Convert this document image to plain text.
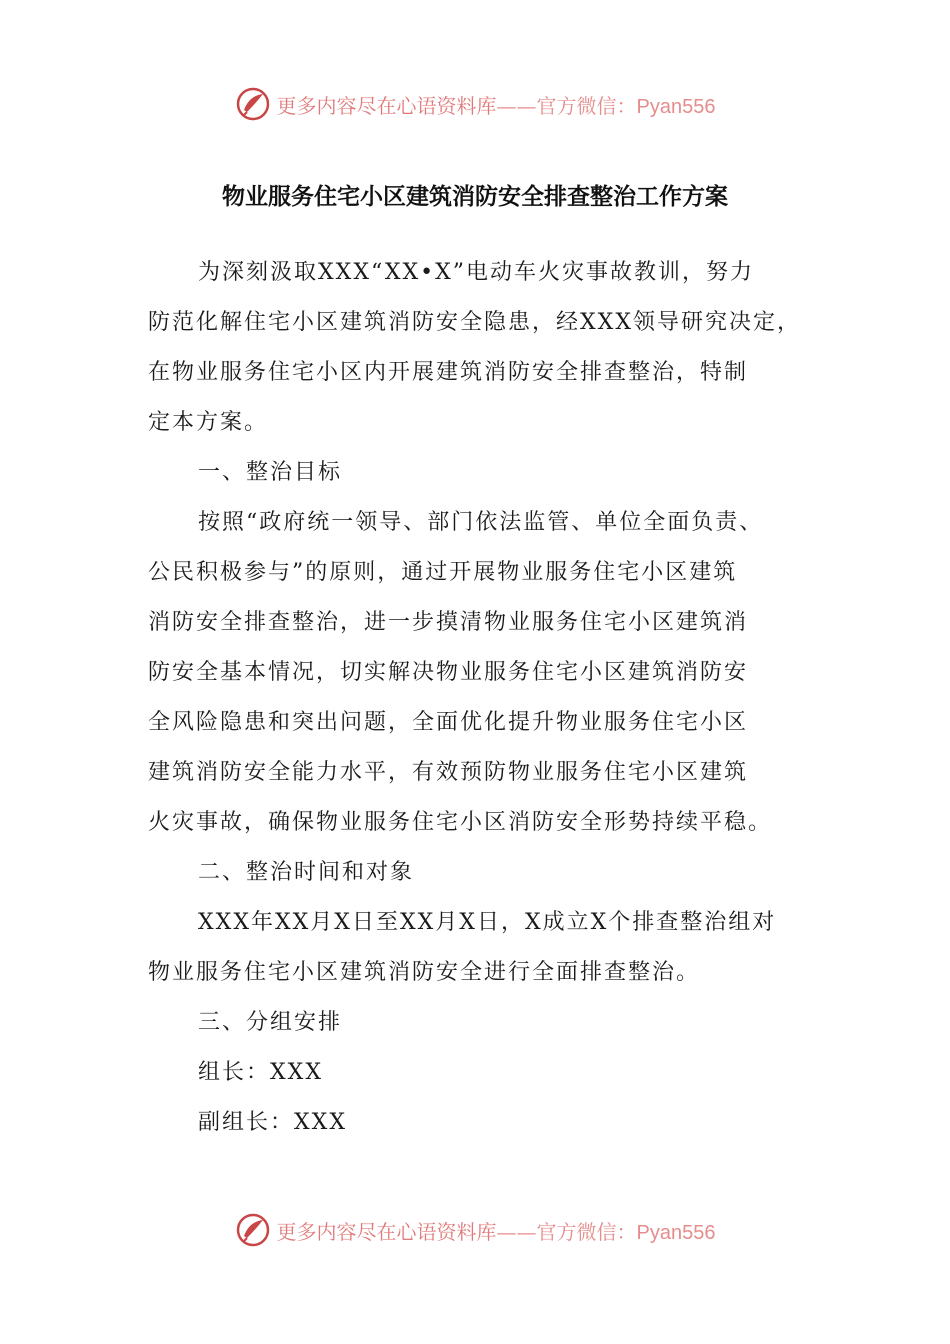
更多内容尽在心语资料库——官方微信：Pyan556
物业服务住宅小区建筑消防安全排查整治工作方案

为深刻汲取XXX“XX•X”电动车火灾事故教训，努力

防范化解住宅小区建筑消防安全隐患，经XXX领导研究决定，

在物业服务住宅小区内开展建筑消防安全排查整治，特制

定本方案。

一、整治目标

按照“政府统一领导、部门依法监管、单位全面负责、

公民积极参与”的原则，通过开展物业服务住宅小区建筑

消防安全排查整治，进一步摸清物业服务住宅小区建筑消

防安全基本情况，切实解决物业服务住宅小区建筑消防安

全风险隐患和突出问题，全面优化提升物业服务住宅小区

建筑消防安全能力水平，有效预防物业服务住宅小区建筑

火灾事故，确保物业服务住宅小区消防安全形势持续平稳。

二、整治时间和对象

XXX年XX月X日至XX月X日，X成立X个排查整治组对

物业服务住宅小区建筑消防安全进行全面排查整治。

三、分组安排

组长：XXX

副组长：XXX

更多内容尽在心语资料库——官方微信：Pyan556
